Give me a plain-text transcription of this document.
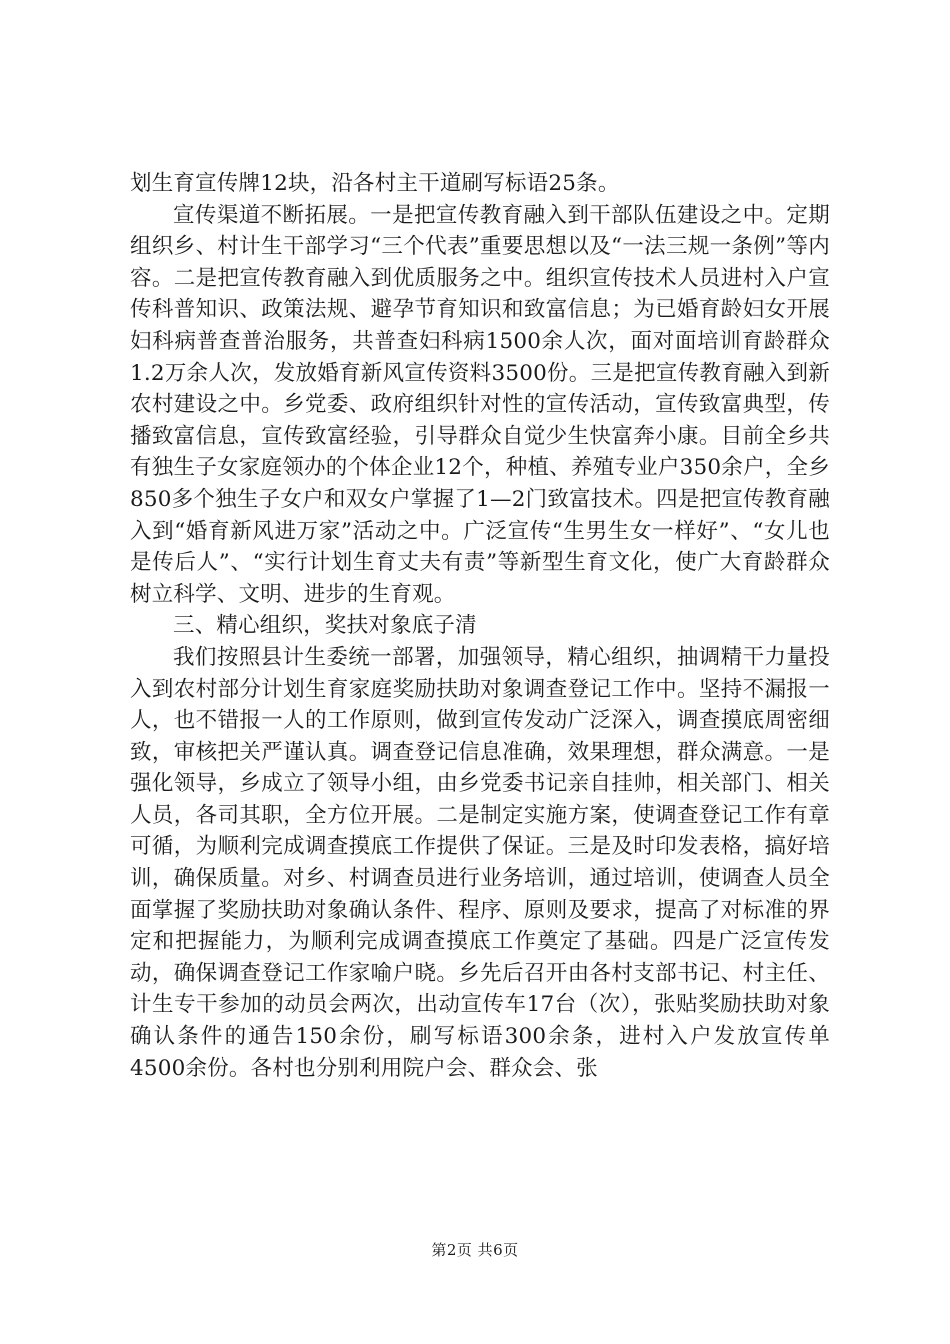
划生育宣传牌12块，沿各村主干道刷写标语25条。

宣传渠道不断拓展。一是把宣传教育融入到干部队伍建设之中。定期组织乡、村计生干部学习“三个代表”重要思想以及“一法三规一条例”等内容。二是把宣传教育融入到优质服务之中。组织宣传技术人员进村入户宣传科普知识、政策法规、避孕节育知识和致富信息；为已婚育龄妇女开展妇科病普查普治服务，共普查妇科病1500余人次，面对面培训育龄群众1.2万余人次，发放婚育新风宣传资料3500份。三是把宣传教育融入到新农村建设之中。乡党委、政府组织针对性的宣传活动，宣传致富典型，传播致富信息，宣传致富经验，引导群众自觉少生快富奔小康。目前全乡共有独生子女家庭领办的个体企业12个，种植、养殖专业户350余户，全乡850多个独生子女户和双女户掌握了1—2门致富技术。四是把宣传教育融入到“婚育新风进万家”活动之中。广泛宣传“生男生女一样好”、“女儿也是传后人”、“实行计划生育丈夫有责”等新型生育文化，使广大育龄群众树立科学、文明、进步的生育观。

三、精心组织，奖扶对象底子清

我们按照县计生委统一部署，加强领导，精心组织，抽调精干力量投入到农村部分计划生育家庭奖励扶助对象调查登记工作中。坚持不漏报一人，也不错报一人的工作原则，做到宣传发动广泛深入，调查摸底周密细致，审核把关严谨认真。调查登记信息准确，效果理想，群众满意。一是强化领导，乡成立了领导小组，由乡党委书记亲自挂帅，相关部门、相关人员，各司其职，全方位开展。二是制定实施方案，使调查登记工作有章可循，为顺利完成调查摸底工作提供了保证。三是及时印发表格，搞好培训，确保质量。对乡、村调查员进行业务培训，通过培训，使调查人员全面掌握了奖励扶助对象确认条件、程序、原则及要求，提高了对标准的界定和把握能力，为顺利完成调查摸底工作奠定了基础。四是广泛宣传发动，确保调查登记工作家喻户晓。乡先后召开由各村支部书记、村主任、计生专干参加的动员会两次，出动宣传车17台（次），张贴奖励扶助对象确认条件的通告150余份，刷写标语300余条，进村入户发放宣传单4500余份。各村也分别利用院户会、群众会、张

第2页 共6页
